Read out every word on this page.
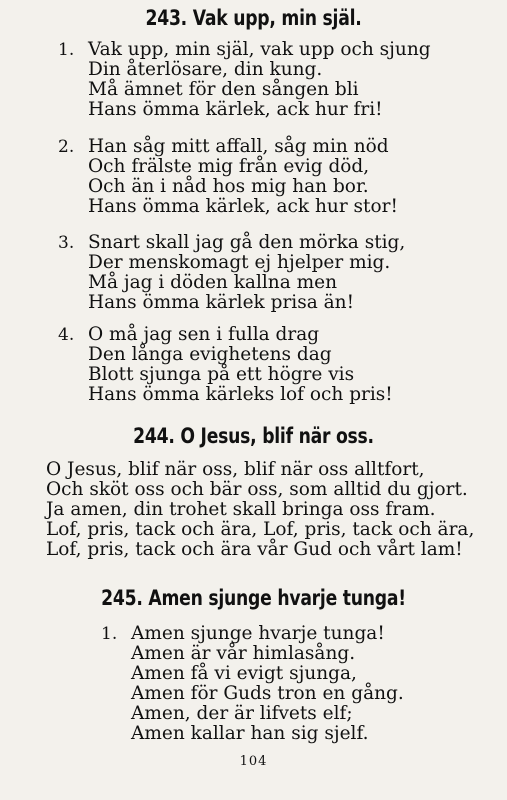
243. Vak upp, min själ.
1. Vak upp, min själ, vak upp och sjung
Din återlösare, din kung.
Må ämnet för den sången bli
Hans ömma kärlek, ack hur fri!
2. Han såg mitt affall, såg min nöd
Och frälste mig från evig död,
Och än i nåd hos mig han bor.
Hans ömma kärlek, ack hur stor!
3. Snart skall jag gå den mörka stig,
Der menskomagt ej hjelper mig.
Må jag i döden kallna men
Hans ömma kärlek prisa än!
4. O må jag sen i fulla drag
Den långa evighetens dag
Blott sjunga på ett högre vis
Hans ömma kärleks lof och pris!
244. O Jesus, blif när oss.
O Jesus, blif när oss, blif när oss alltfort,
Och sköt oss och bär oss, som alltid du gjort.
Ja amen, din trohet skall bringa oss fram.
Lof, pris, tack och ära, Lof, pris, tack och ära,
Lof, pris, tack och ära vår Gud och vårt lam!
245. Amen sjunge hvarje tunga!
1. Amen sjunge hvarje tunga!
Amen är vår himlasång.
Amen få vi evigt sjunga,
Amen för Guds tron en gång.
Amen, der är lifvets elf;
Amen kallar han sig sjelf.
104
